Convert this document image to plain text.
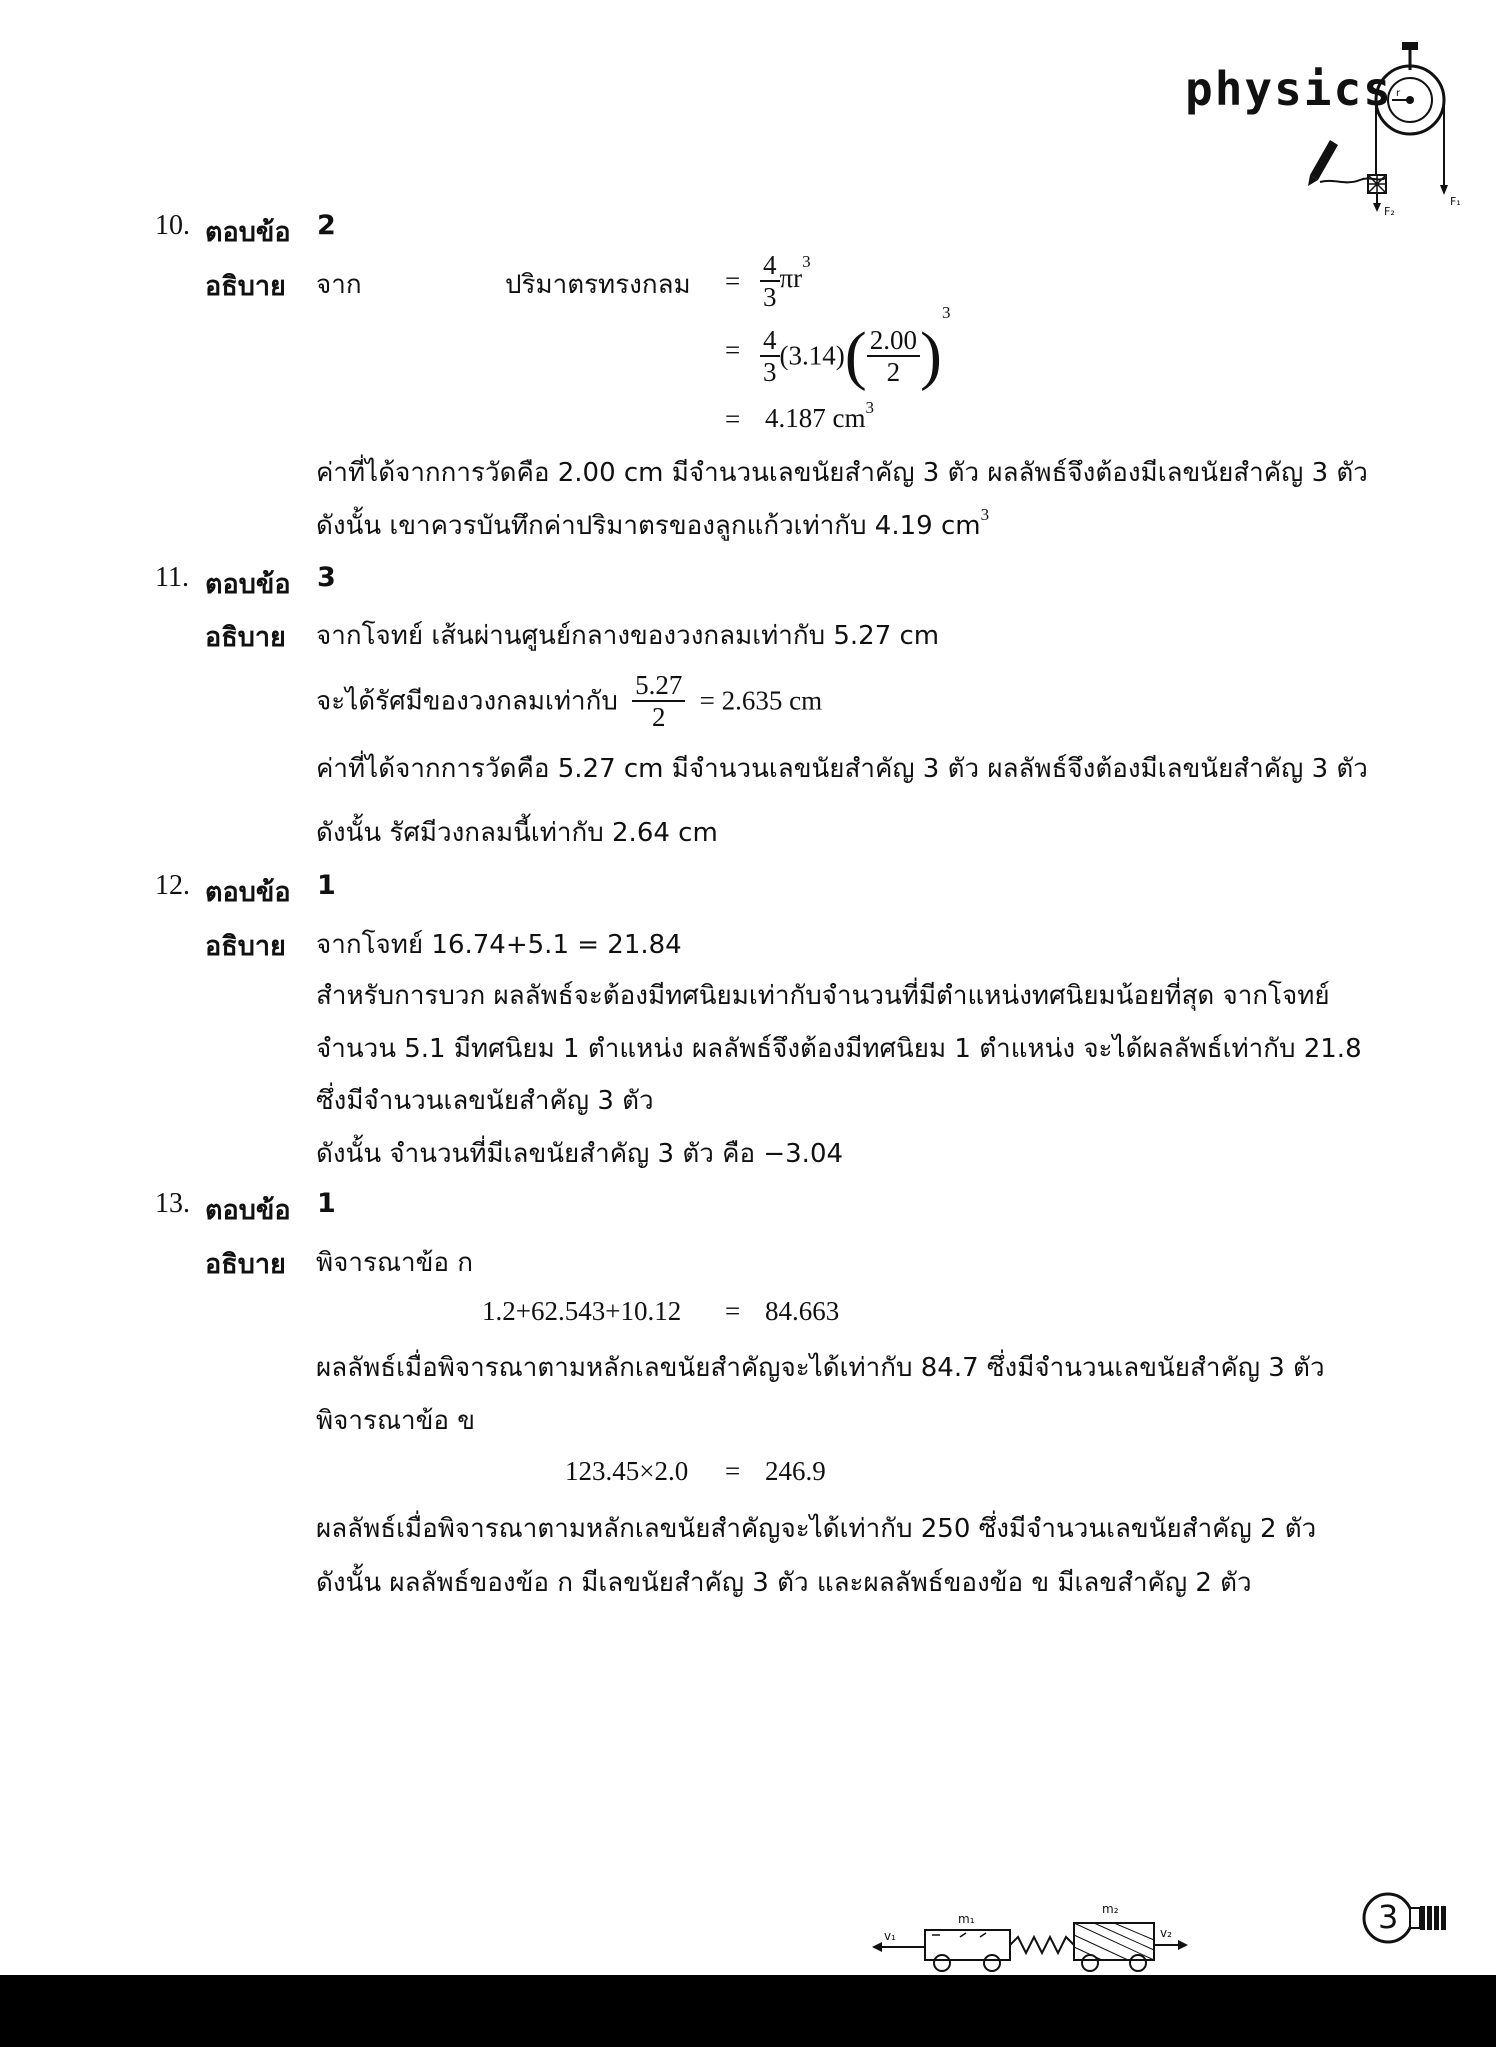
physics r
F₁
F₂
10. ตอบข้อ 2
อธิบาย จาก	ปริมาตรทรงกลม = $\frac{4}{3} \pi r^3$
= $\frac{4}{3} (3.14)( \frac{2.00}{2} )^3$
= 4.187 $cm^3$
ค่าที่ได้จากการวัดคือ 2.00 cm มีจำนวนเลขนัยสำคัญ 3 ตัว ผลลัพธ์จึงต้องมีเลขนัยสำคัญ 3 ตัว
ดังนั้น เขาควรบันทึกค่าปริมาตรของลูกแก้วเท่ากับ 4.19 $cm^3$
11. ตอบข้อ 3
อธิบาย จากโจทย์ เส้นผ่านศูนย์กลางของวงกลมเท่ากับ 5.27 cm
จะได้รัศมีของวงกลมเท่ากับ $\frac{5.27}{2} = 2.635$ cm
ค่าที่ได้จากการวัดคือ 5.27 cm มีจำนวนเลขนัยสำคัญ 3 ตัว ผลลัพธ์จึงต้องมีเลขนัยสำคัญ 3 ตัว
ดังนั้น รัศมีวงกลมนี้เท่ากับ 2.64 cm
12. ตอบข้อ 1
อธิบาย จากโจทย์ 16.74+5.1 = 21.84
สำหรับการบวก ผลลัพธ์จะต้องมีทศนิยมเท่ากับจำนวนที่มีตำแหน่งทศนิยมน้อยที่สุด จากโจทย์
จำนวน 5.1 มีทศนิยม 1 ตำแหน่ง ผลลัพธ์จึงต้องมีทศนิยม 1 ตำแหน่ง จะได้ผลลัพธ์เท่ากับ 21.8
ซึ่งมีจำนวนเลขนัยสำคัญ 3 ตัว
ดังนั้น จำนวนที่มีเลขนัยสำคัญ 3 ตัว คือ −3.04
13. ตอบข้อ 1
อธิบาย พิจารณาข้อ ก
1.2+62.543+10.12 = 84.663
ผลลัพธ์เมื่อพิจารณาตามหลักเลขนัยสำคัญจะได้เท่ากับ 84.7 ซึ่งมีจำนวนเลขนัยสำคัญ 3 ตัว
พิจารณาข้อ ข
123.45×2.0 = 246.9
ผลลัพธ์เมื่อพิจารณาตามหลักเลขนัยสำคัญจะได้เท่ากับ 250 ซึ่งมีจำนวนเลขนัยสำคัญ 2 ตัว
ดังนั้น ผลลัพธ์ของข้อ ก มีเลขนัยสำคัญ 3 ตัว และผลลัพธ์ของข้อ ข มีเลขสำคัญ 2 ตัว
v₁
m₁
m₂
v₂	3
